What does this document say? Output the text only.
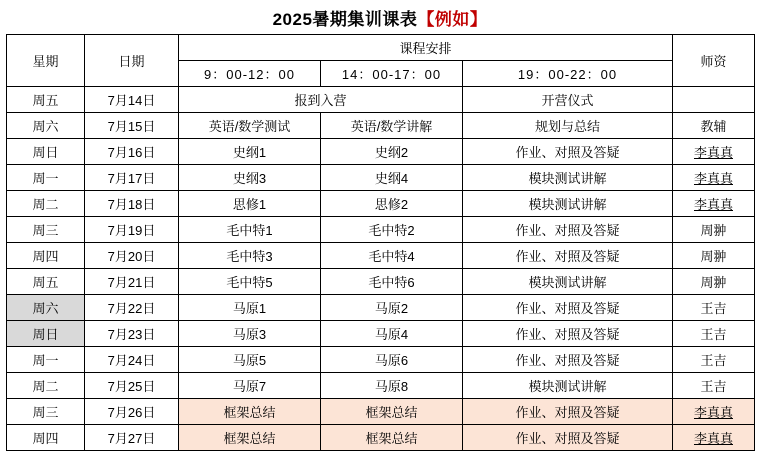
2025暑期集训课表【例如】
星期	日期	课程安排			师资
		9：00-12：00	14：00-17：00	19：00-22：00	
周五	7月14日	报到入营		开营仪式	
周六	7月15日	英语/数学测试	英语/数学讲解	规划与总结	教辅
周日	7月16日	史纲1	史纲2	作业、对照及答疑	李真真
周一	7月17日	史纲3	史纲4	模块测试讲解	李真真
周二	7月18日	思修1	思修2	模块测试讲解	李真真
周三	7月19日	毛中特1	毛中特2	作业、对照及答疑	周翀
周四	7月20日	毛中特3	毛中特4	作业、对照及答疑	周翀
周五	7月21日	毛中特5	毛中特6	模块测试讲解	周翀
周六	7月22日	马原1	马原2	作业、对照及答疑	王吉
周日	7月23日	马原3	马原4	作业、对照及答疑	王吉
周一	7月24日	马原5	马原6	作业、对照及答疑	王吉
周二	7月25日	马原7	马原8	模块测试讲解	王吉
周三	7月26日	框架总结	框架总结	作业、对照及答疑	李真真
周四	7月27日	框架总结	框架总结	作业、对照及答疑	李真真
